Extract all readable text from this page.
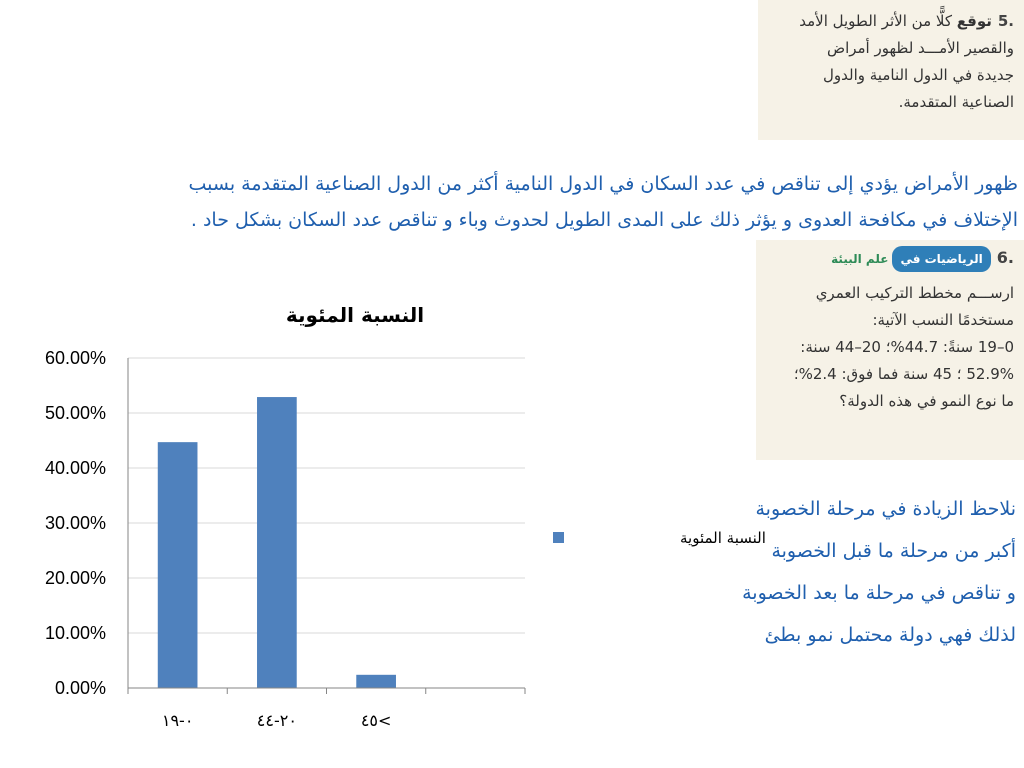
5.توقع كلًّا من الأثر الطويل الأمد
والقصير الأمـــد لظهور أمراض
جديدة في الدول النامية والدول
الصناعية المتقدمة.
ظهور الأمراض يؤدي إلى تناقص في عدد السكان في الدول النامية أكثر من الدول الصناعية المتقدمة بسبب
الإختلاف في مكافحة العدوى و يؤثر ذلك على المدى الطويل لحدوث وباء و تناقص عدد السكان بشكل حاد .
6.الرياضيات فيعلم البيئة
ارســـم مخطط التركيب العمري
مستخدمًا النسب الآتية:
0–19 سنةً: 44.7%؛ 20–44 سنة:
52.9% ؛ 45 سنة فما فوق: 2.4%؛
ما نوع النمو في هذه الدولة؟
نلاحظ الزيادة في مرحلة الخصوبة
أكبر من مرحلة ما قبل الخصوبة
و تناقص في مرحلة ما بعد الخصوبة
لذلك فهي دولة محتمل نمو بطئ
النسبة المئوية
0.00%
10.00%
20.00%
30.00%
40.00%
50.00%
60.00%
٠-١٩	٢٠-٤٤	٤٥<
النسبة المئوية
